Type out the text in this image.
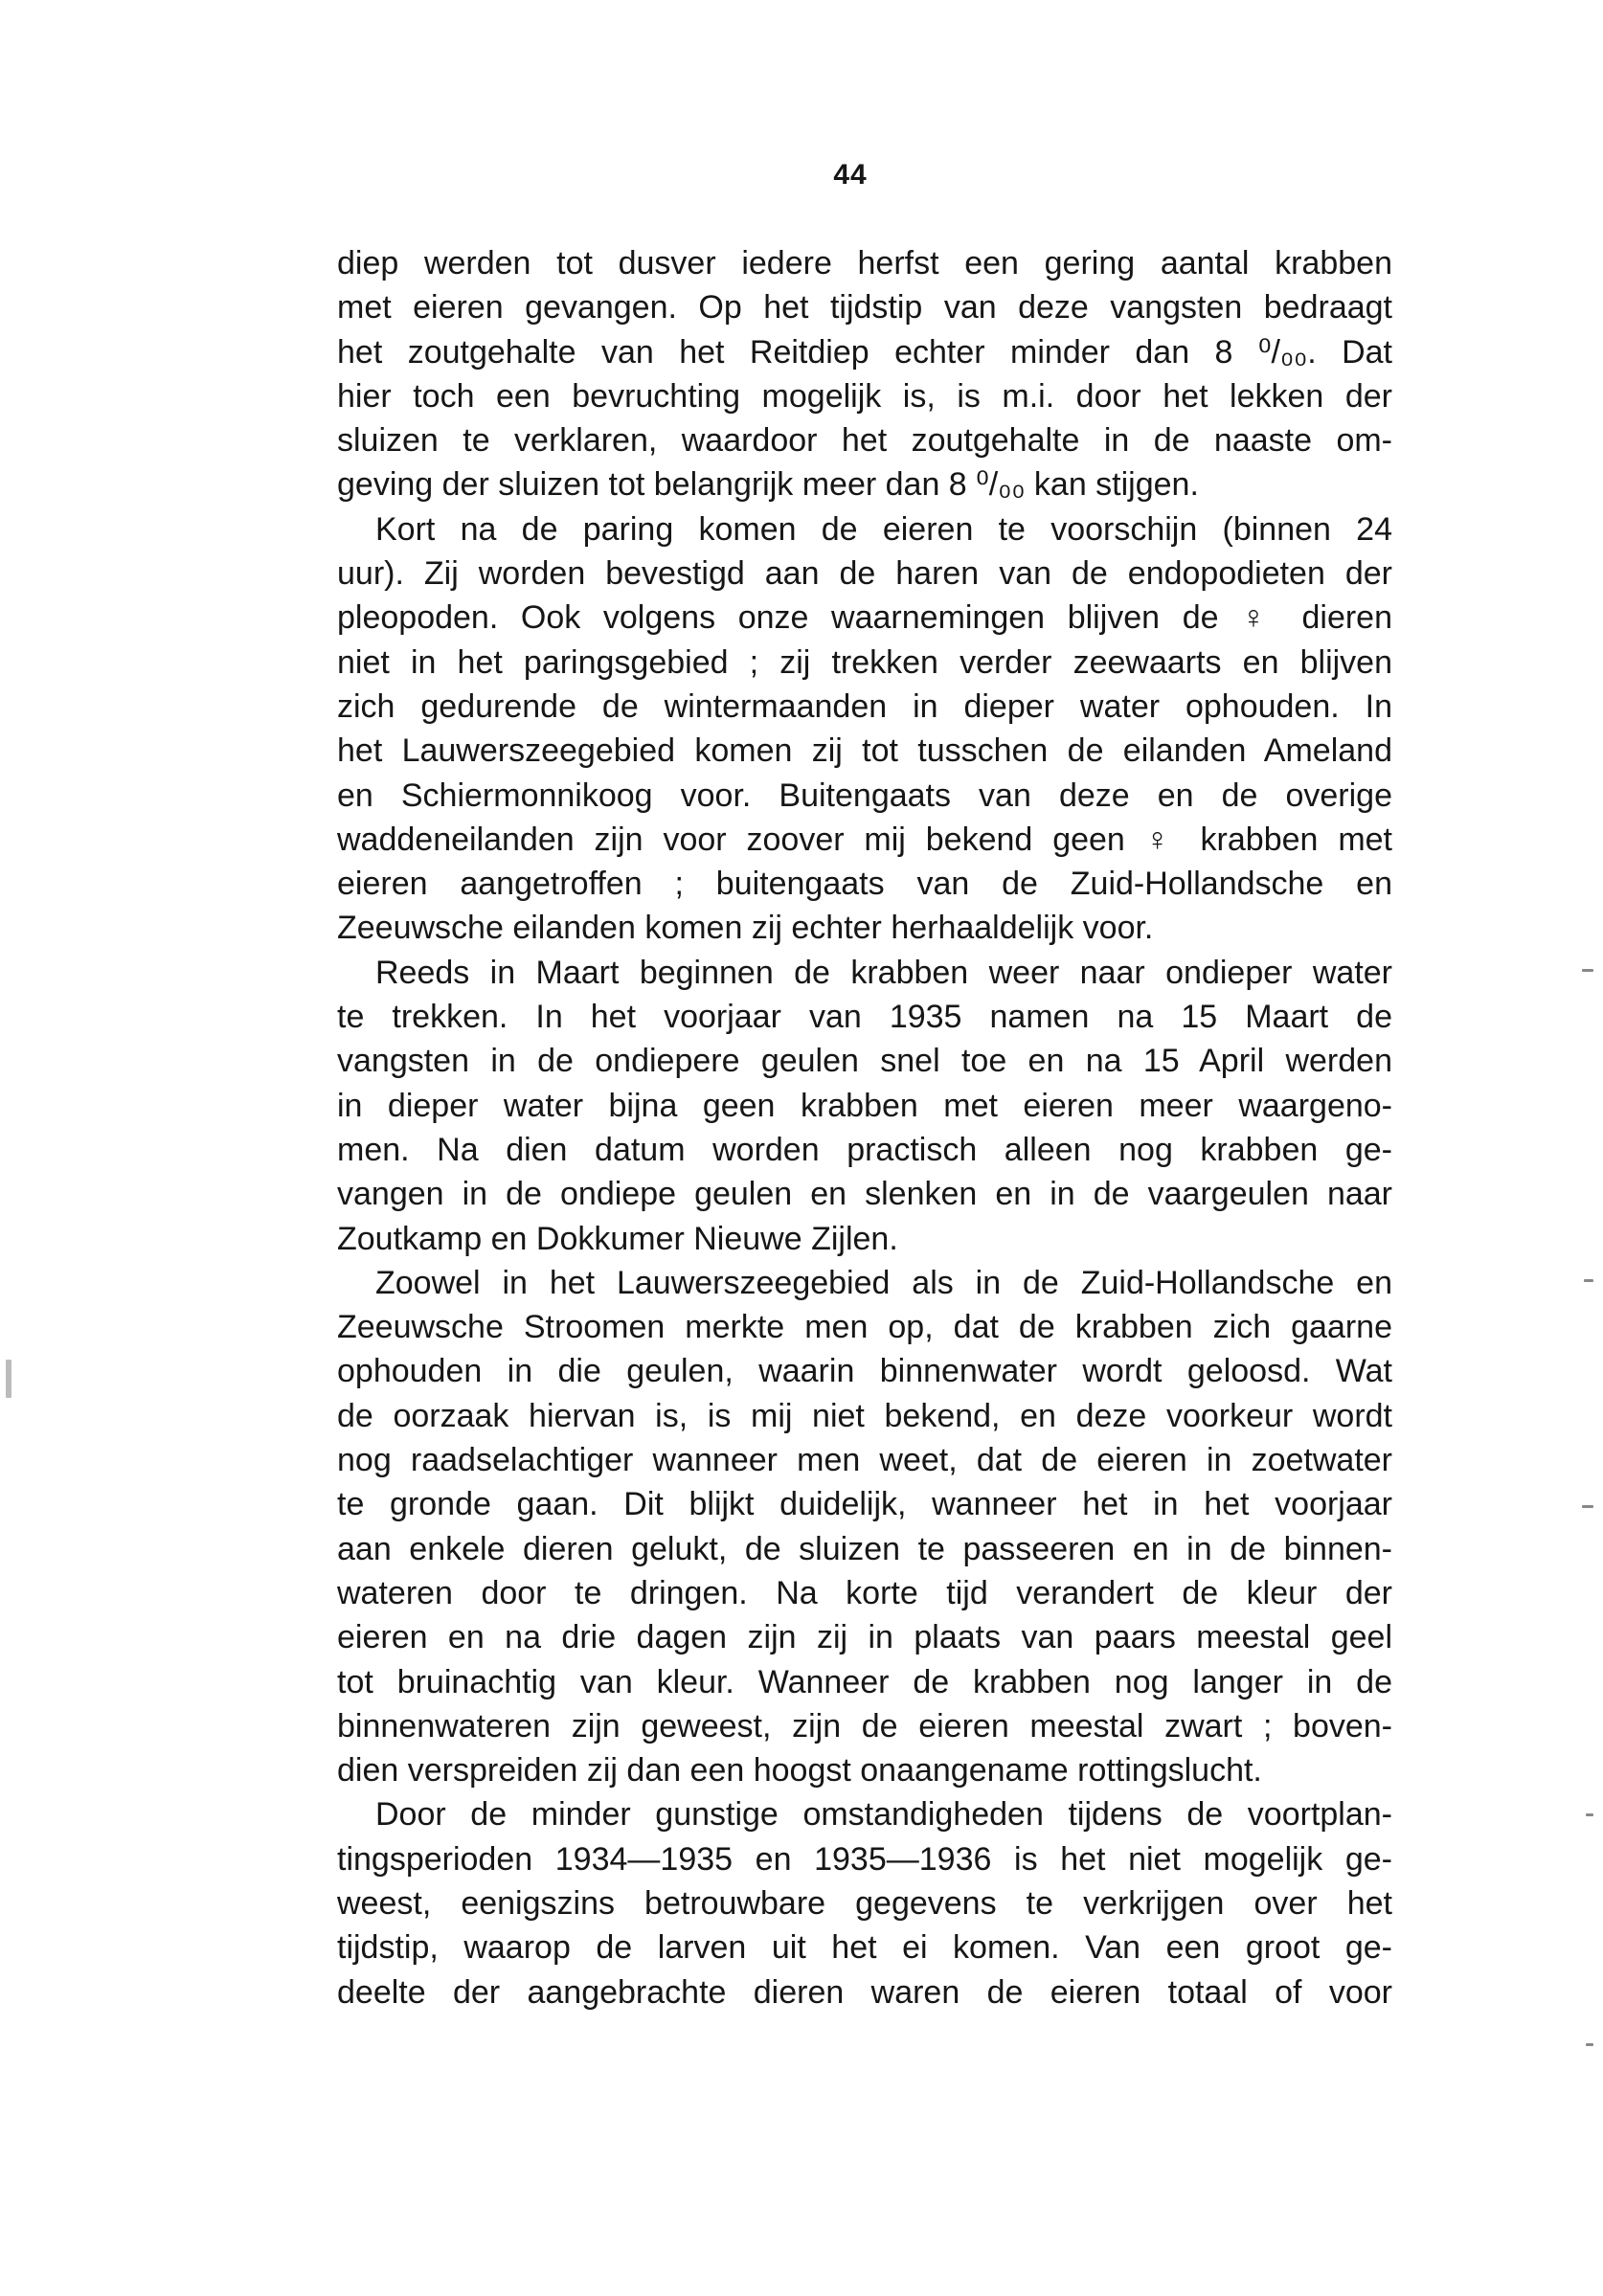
44
diep werden tot dusver iedere herfst een gering aantal krabben
met eieren gevangen. Op het tijdstip van deze vangsten bedraagt
het zoutgehalte van het Reitdiep echter minder dan 8 ⁰/₀₀. Dat
hier toch een bevruchting mogelijk is, is m.i. door het lekken der
sluizen te verklaren, waardoor het zoutgehalte in de naaste om-
geving der sluizen tot belangrijk meer dan 8 ⁰/₀₀ kan stijgen.
Kort na de paring komen de eieren te voorschijn (binnen 24
uur). Zij worden bevestigd aan de haren van de endopodieten der
pleopoden. Ook volgens onze waarnemingen blijven de ♀ dieren
niet in het paringsgebied ; zij trekken verder zeewaarts en blijven
zich gedurende de wintermaanden in dieper water ophouden. In
het Lauwerszeegebied komen zij tot tusschen de eilanden Ameland
en Schiermonnikoog voor. Buitengaats van deze en de overige
waddeneilanden zijn voor zoover mij bekend geen ♀ krabben met
eieren aangetroffen ; buitengaats van de Zuid-Hollandsche en
Zeeuwsche eilanden komen zij echter herhaaldelijk voor.
Reeds in Maart beginnen de krabben weer naar ondieper water
te trekken. In het voorjaar van 1935 namen na 15 Maart de
vangsten in de ondiepere geulen snel toe en na 15 April werden
in dieper water bijna geen krabben met eieren meer waargeno-
men. Na dien datum worden practisch alleen nog krabben ge-
vangen in de ondiepe geulen en slenken en in de vaargeulen naar
Zoutkamp en Dokkumer Nieuwe Zijlen.
Zoowel in het Lauwerszeegebied als in de Zuid-Hollandsche en
Zeeuwsche Stroomen merkte men op, dat de krabben zich gaarne
ophouden in die geulen, waarin binnenwater wordt geloosd. Wat
de oorzaak hiervan is, is mij niet bekend, en deze voorkeur wordt
nog raadselachtiger wanneer men weet, dat de eieren in zoetwater
te gronde gaan. Dit blijkt duidelijk, wanneer het in het voorjaar
aan enkele dieren gelukt, de sluizen te passeeren en in de binnen-
wateren door te dringen. Na korte tijd verandert de kleur der
eieren en na drie dagen zijn zij in plaats van paars meestal geel
tot bruinachtig van kleur. Wanneer de krabben nog langer in de
binnenwateren zijn geweest, zijn de eieren meestal zwart ; boven-
dien verspreiden zij dan een hoogst onaangename rottingslucht.
Door de minder gunstige omstandigheden tijdens de voortplan-
tingsperioden 1934—1935 en 1935—1936 is het niet mogelijk ge-
weest, eenigszins betrouwbare gegevens te verkrijgen over het
tijdstip, waarop de larven uit het ei komen. Van een groot ge-
deelte der aangebrachte dieren waren de eieren totaal of voor
